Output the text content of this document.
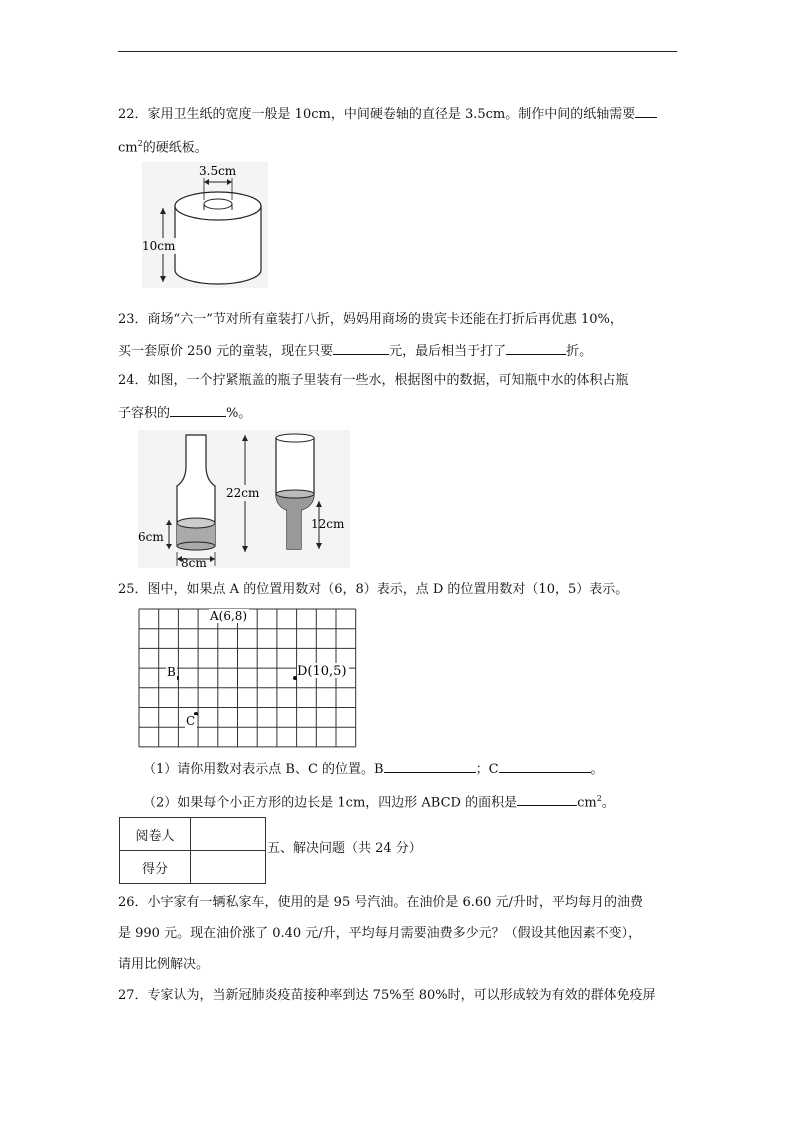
22．家用卫生纸的宽度一般是 10cm，中间硬卷轴的直径是 3.5cm。制作中间的纸轴需要
$cm^2$的硬纸板。
3.5cm
10cm
23．商场“六一”节对所有童装打八折，妈妈用商场的贵宾卡还能在打折后再优惠 10%，
买一套原价 250 元的童装，现在只要	元，最后相当于打了	折。
24．如图，一个拧紧瓶盖的瓶子里装有一些水，根据图中的数据，可知瓶中水的体积占瓶
子容积的	%。
6cm
8cm
22cm
12cm
25．图中，如果点 A 的位置用数对（6，8）表示，点 D 的位置用数对（10，5）表示。
A(6,8)
B
C
D(10,5)
（1）请你用数对表示点 B、C 的位置。B	；C	。
（2）如果每个小正方形的边长是 1cm，四边形 ABCD 的面积是	$cm^2$。
阅卷人	
得分	
五、解决问题（共 24 分）
26．小宇家有一辆私家车，使用的是 95 号汽油。在油价是 6.60 元/升时，平均每月的油费
是 990 元。现在油价涨了 0.40 元/升，平均每月需要油费多少元？（假设其他因素不变），
请用比例解决。
27．专家认为，当新冠肺炎疫苗接种率到达 75%至 80%时，可以形成较为有效的群体免疫屏
